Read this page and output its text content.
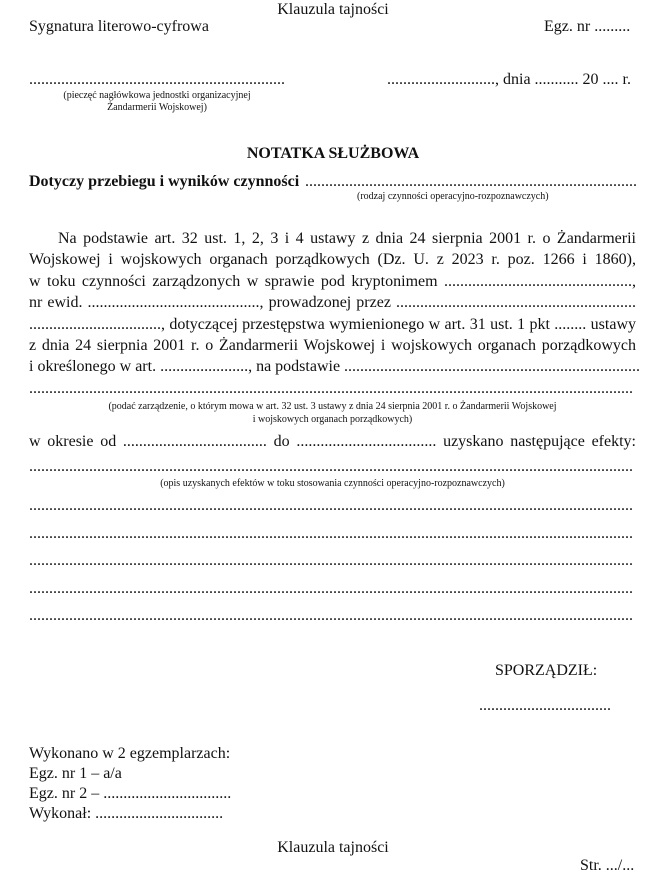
Klauzula tajności
Sygnatura literowo-cyfrowa	Egz. nr .........
................................................................
(pieczęć nagłówkowa jednostki organizacyjnej
Żandarmerii Wojskowej)
..........................., dnia ........... 20 .... r.
NOTATKA SŁUŻBOWA
Dotyczy przebiegu i wyników czynności ...................................................................................
(rodzaj czynności operacyjno-rozpoznawczych)
Na podstawie art. 32 ust. 1, 2, 3 i 4 ustawy z dnia 24 sierpnia 2001 r. o Żandarmerii
Wojskowej i wojskowych organach porządkowych (Dz. U. z 2023 r. poz. 1266 i 1860),
w toku czynności zarządzonych w sprawie pod kryptonimem ...............................................,
nr ewid. ..........................................., prowadzonej przez ............................................................
................................., dotyczącej przestępstwa wymienionego w art. 31 ust. 1 pkt ........ ustawy
z dnia 24 sierpnia 2001 r. o Żandarmerii Wojskowej i wojskowych organach porządkowych
i określonego w art. ......................, na podstawie ..........................................................................
.......................................................................................................................................................
(podać zarządzenie, o którym mowa w art. 32 ust. 3 ustawy z dnia 24 sierpnia 2001 r. o Żandarmerii Wojskowej
i wojskowych organach porządkowych)
w okresie od .................................... do ................................... uzyskano następujące efekty:
.......................................................................................................................................................
(opis uzyskanych efektów w toku stosowania czynności operacyjno-rozpoznawczych)
.......................................................................................................................................................
.......................................................................................................................................................
.......................................................................................................................................................
.......................................................................................................................................................
.......................................................................................................................................................
SPORZĄDZIŁ:
.................................
Wykonano w 2 egzemplarzach:
Egz. nr 1 – a/a
Egz. nr 2 – ................................
Wykonał: ................................
Klauzula tajności
Str. .../...
